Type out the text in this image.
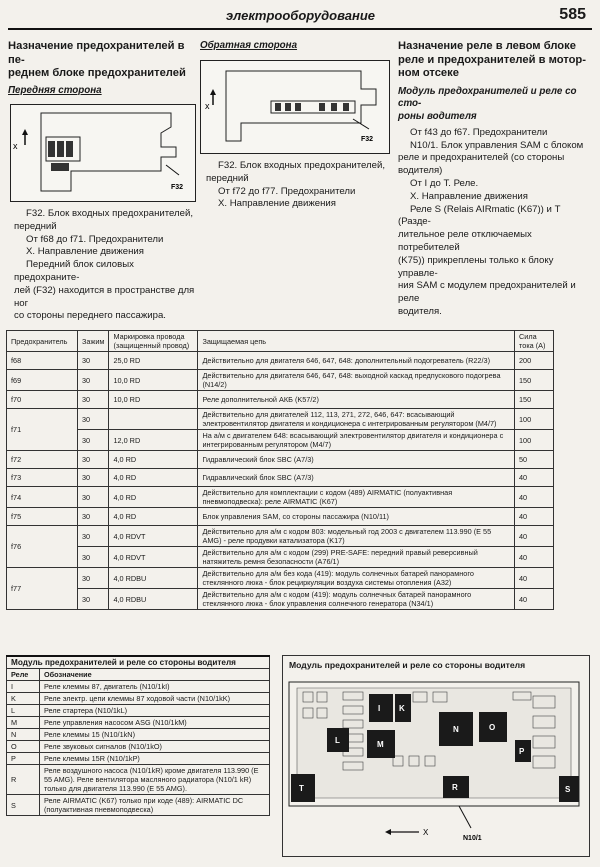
электрооборудование	585
Назначение предохранителей в пе-
реднем блоке предохранителей
Передняя сторона
x
F32
F32. Блок входных предохранителей,
передний
От f68 до f71. Предохранители
X. Направление движения
Передний блок силовых предохраните-
лей (F32) находится в пространстве для ног
со стороны переднего пассажира.
Обратная сторона
x
F32
F32. Блок входных предохранителей,
передний
От f72 до f77. Предохранители
X. Направление движения
Назначение реле в левом блоке
реле и предохранителей в мотор-
ном отсеке
Модуль предохранителей и реле со сто-
роны водителя
От f43 до f67. Предохранители
N10/1. Блок управления SAM с блоком
реле и предохранителей (со стороны
водителя)
От I до T. Реле.
X. Направление движения
Реле S (Relais AIRmatic (K67)) и T (Разде-
лительное реле отключаемых потребителей
(K75)) прикреплены только к блоку управле-
ния SAM с модулем предохранителей и реле
водителя.
Предохранитель	Зажим	Маркировка провода (защищенный провод)	Защищаемая цепь	Сила тока (A)
f68	30	25,0 RD	Действительно для двигателя 646, 647, 648: дополнительный подогреватель (R22/3)	200
f69	30	10,0 RD	Действительно для двигателя 646, 647, 648: выходной каскад предпускового подогрева (N14/2)	150
f70	30	10,0 RD	Реле дополнительной АКБ (K57/2)	150
f71	30		Действительно для двигателей 112, 113, 271, 272, 646, 647: всасывающий электровентилятор двигателя и кондиционера с интегрированным регулятором (M4/7)	100
	30	12,0 RD	На а/м с двигателем 648: всасывающий электровентилятор двигателя и кондиционера с интегрированным регулятором (M4/7)	100
f72	30	4,0 RD	Гидравлический блок SBC (A7/3)	50
f73	30	4,0 RD	Гидравлический блок SBC (A7/3)	40
f74	30	4,0 RD	Действительно для комплектации с кодом (489) AIRMATIC (полуактивная пневмоподвеска): реле AIRMATIC (K67)	40
f75	30	4,0 RD	Блок управления SAM, со стороны пассажира (N10/11)	40
f76	30	4,0 RDVT	Действительно для а/м с кодом 803: модельный год 2003 с двигателем 113.990 (E 55 AMG) - реле продувки катализатора (K17)	40
	30	4,0 RDVT	Действительно для а/м с кодом (299) PRE-SAFE: передний правый реверсивный натяжитель ремня безопасности (A76/1)	40
f77	30	4,0 RDBU	Действительно для а/м без кода (419): модуль солнечных батарей панорамного стеклянного люка - блок рециркуляции воздуха системы отопления (A32)	40
	30	4,0 RDBU	Действительно для а/м с кодом (419): модуль солнечных батарей панорамного стеклянного люка - блок управления солнечного генератора (N34/1)	40
Модуль предохранителей и реле со стороны водителя	
Реле	Обозначение
I	Реле клеммы 87, двигатель (N10/1kI)
K	Реле электр. цепи клеммы 87 ходовой части (N10/1kK)
L	Реле стартера (N10/1kL)
M	Реле управления насосом ASG (N10/1kM)
N	Реле клеммы 15 (N10/1kN)
O	Реле звуковых сигналов (N10/1kO)
P	Реле клеммы 15R (N10/1kP)
R	Реле воздушного насоса (N10/1kR) кроме двигателя 113.990 (E 55 AMG). Реле вентилятора масляного радиатора (N10/1 kR) только для двигателя 113.990 (E 55 AMG).
S	Реле AIRMATIC (K67) только при коде (489): AIRMATIC DC (полуактивная пневмоподвеска)
Модуль предохранителей и реле со стороны водителя
I K
L	M
N	O
P
R	S
T
X
N10/1
